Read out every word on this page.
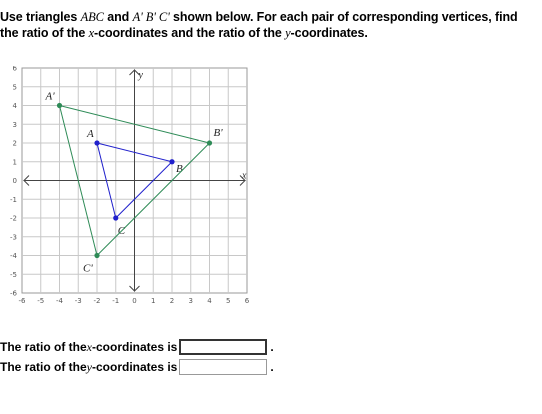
Use triangles ABC and A' B' C' shown below. For each pair of corresponding vertices, find the ratio of the x-coordinates and the ratio of the y-coordinates.
x
y
-6 -5 -4 -3 -2 -1 0 1 2 3 4 5 6
6
5
4
3
2
1
0
-1
-2
-3
-4
-5
-6
A
B
C
A'
B'
C'
The ratio of the x -coordinates is	.
The ratio of the y -coordinates is	.
